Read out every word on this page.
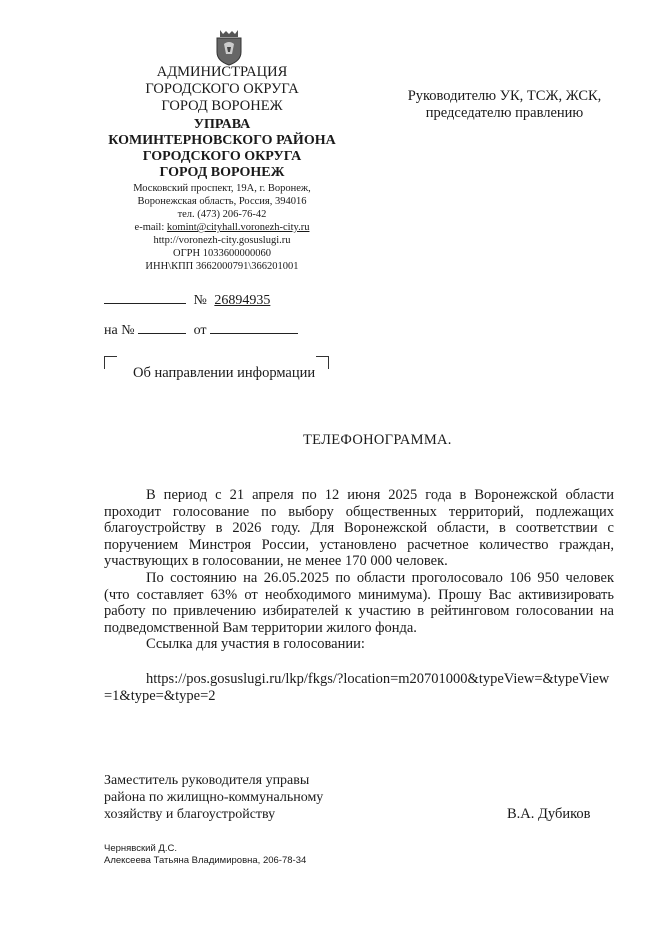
АДМИНИСТРАЦИЯ
ГОРОДСКОГО ОКРУГА
ГОРОД ВОРОНЕЖ
УПРАВА
КОМИНТЕРНОВСКОГО РАЙОНА
ГОРОДСКОГО ОКРУГА
ГОРОД ВОРОНЕЖ
Московский проспект, 19А, г. Воронеж,
Воронежская область, Россия, 394016
тел. (473) 206-76-42
e-mail: komint@cityhall.voronezh-city.ru
http://voronezh-city.gosuslugi.ru
ОГРН 1033600000060
ИНН\КПП 3662000791\366201001
Руководителю УК, ТСЖ, ЖСК,
председателю правлению
№ 26894935
на №	от
Об направлении информации
ТЕЛЕФОНОГРАММА.

В период с 21 апреля по 12 июня 2025 года в Воронежской области проходит голосование по выбору общественных территорий, подлежащих благоустройству в 2026 году. Для Воронежской области, в соответствии с поручением Минстроя России, установлено расчетное количество граждан, участвующих в голосовании, не менее 170 000 человек.

По состоянию на 26.05.2025 по области проголосовало 106 950 человек (что составляет 63% от необходимого минимума). Прошу Вас активизировать работу по привлечению избирателей к участию в рейтинговом голосовании на подведомственной Вам территории жилого фонда.

Ссылка для участия в голосовании:

https://pos.gosuslugi.ru/lkp/fkgs/?location=m20701000&typeView=&typeView=1&type=&type=2

Заместитель руководителя управы
района по жилищно-коммунальному
хозяйству и благоустройству	В.А. Дубиков
Чернявский Д.С.
Алексеева Татьяна Владимировна, 206-78-34
